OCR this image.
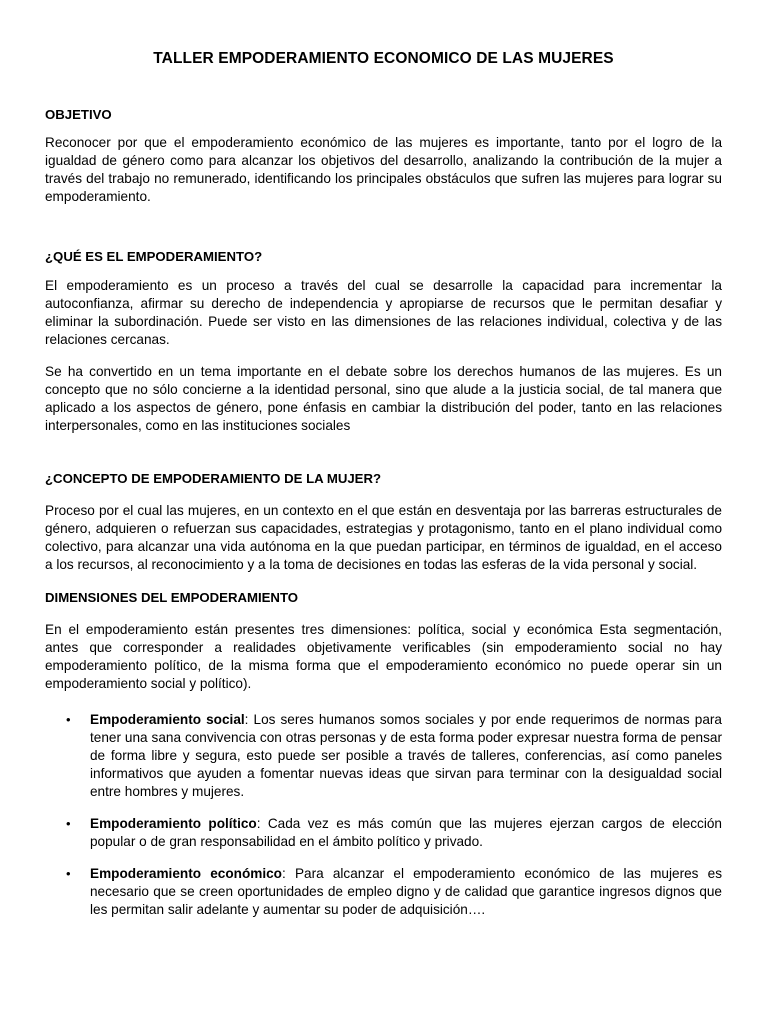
TALLER EMPODERAMIENTO ECONOMICO DE LAS MUJERES
OBJETIVO

Reconocer por que el empoderamiento económico de las mujeres es importante, tanto por el logro de la igualdad de género como para alcanzar los objetivos del desarrollo, analizando la contribución de la mujer a través del trabajo no remunerado, identificando los principales obstáculos que sufren las mujeres para lograr su empoderamiento.

¿QUÉ ES EL EMPODERAMIENTO?

El empoderamiento es un proceso a través del cual se desarrolle la capacidad para incrementar la autoconfianza, afirmar su derecho de independencia y apropiarse de recursos que le permitan desafiar y eliminar la subordinación. Puede ser visto en las dimensiones de las relaciones individual, colectiva y de las relaciones cercanas.

Se ha convertido en un tema importante en el debate sobre los derechos humanos de las mujeres. Es un concepto que no sólo concierne a la identidad personal, sino que alude a la justicia social, de tal manera que aplicado a los aspectos de género, pone énfasis en cambiar la distribución del poder, tanto en las relaciones interpersonales, como en las instituciones sociales

¿CONCEPTO DE EMPODERAMIENTO DE LA MUJER?

Proceso por el cual las mujeres, en un contexto en el que están en desventaja por las barreras estructurales de género, adquieren o refuerzan sus capacidades, estrategias y protagonismo, tanto en el plano individual como colectivo, para alcanzar una vida autónoma en la que puedan participar, en términos de igualdad, en el acceso a los recursos, al reconocimiento y a la toma de decisiones en todas las esferas de la vida personal y social.

DIMENSIONES DEL EMPODERAMIENTO

En el empoderamiento están presentes tres dimensiones: política, social y económica Esta segmentación, antes que corresponder a realidades objetivamente verificables (sin empoderamiento social no hay empoderamiento político, de la misma forma que el empoderamiento económico no puede operar sin un empoderamiento social y político).

• Empoderamiento social: Los seres humanos somos sociales y por ende requerimos de normas para tener una sana convivencia con otras personas y de esta forma poder expresar nuestra forma de pensar de forma libre y segura, esto puede ser posible a través de talleres, conferencias, así como paneles informativos que ayuden a fomentar nuevas ideas que sirvan para terminar con la desigualdad social entre hombres y mujeres.
• Empoderamiento político: Cada vez es más común que las mujeres ejerzan cargos de elección popular o de gran responsabilidad en el ámbito político y privado.
• Empoderamiento económico: Para alcanzar el empoderamiento económico de las mujeres es necesario que se creen oportunidades de empleo digno y de calidad que garantice ingresos dignos que les permitan salir adelante y aumentar su poder de adquisición….
